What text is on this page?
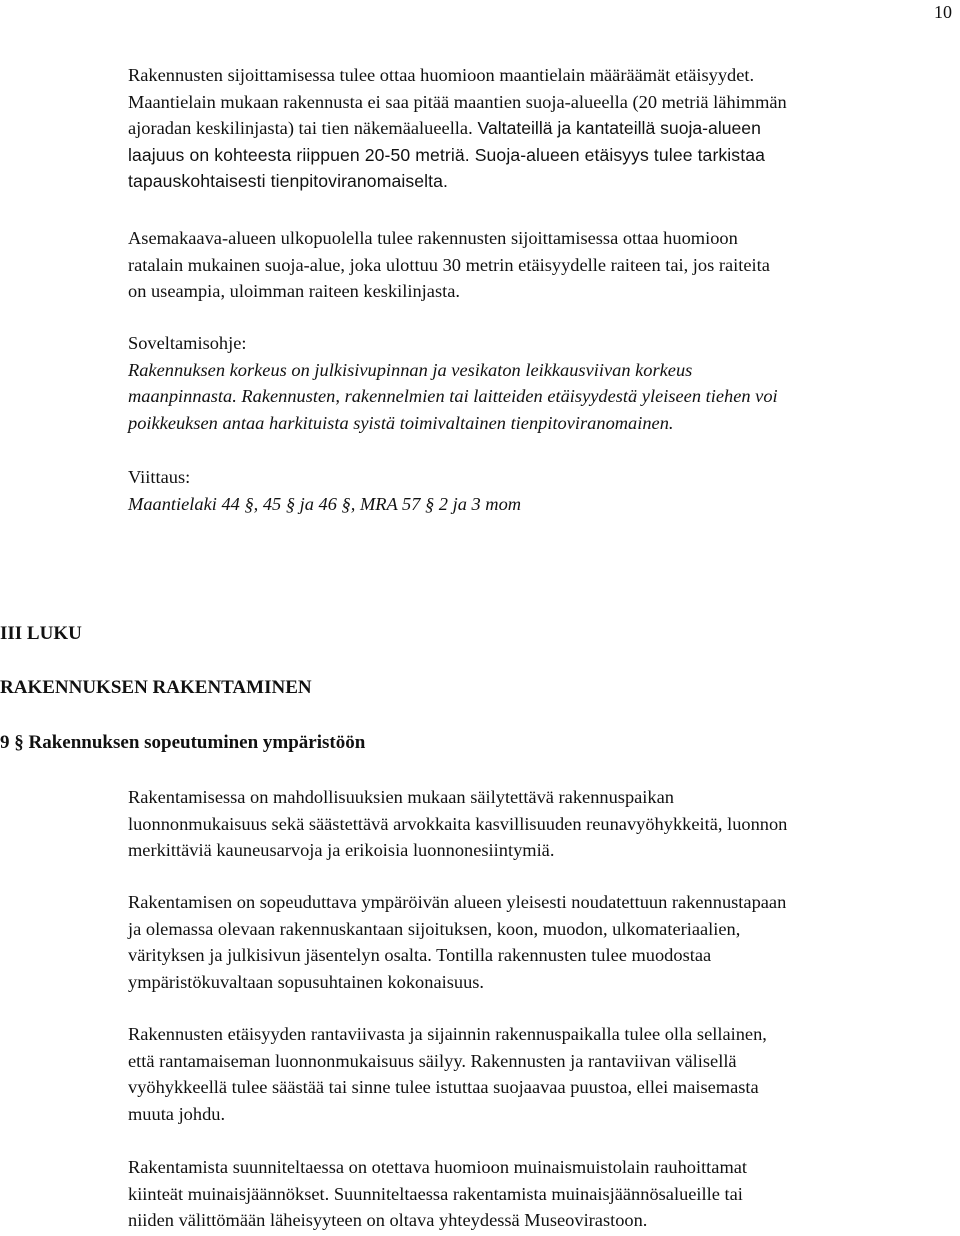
10
Rakennusten sijoittamisessa tulee ottaa huomioon maantielain määräämät etäisyydet.
Maantielain mukaan rakennusta ei saa pitää maantien suoja-alueella (20 metriä lähimmän
ajoradan keskilinjasta) tai tien näkemäalueella. Valtateillä ja kantateillä suoja-alueen
laajuus on kohteesta riippuen 20-50 metriä. Suoja-alueen etäisyys tulee tarkistaa
tapauskohtaisesti tienpitoviranomaiselta.
Asemakaava-alueen ulkopuolella tulee rakennusten sijoittamisessa ottaa huomioon
ratalain mukainen suoja-alue, joka ulottuu 30 metrin etäisyydelle raiteen tai, jos raiteita
on useampia, uloimman raiteen keskilinjasta.
Soveltamisohje:
Rakennuksen korkeus on julkisivupinnan ja vesikaton leikkausviivan korkeus
maanpinnasta. Rakennusten, rakennelmien tai laitteiden etäisyydestä yleiseen tiehen voi
poikkeuksen antaa harkituista syistä toimivaltainen tienpitoviranomainen.
Viittaus:
Maantielaki 44 §, 45 § ja 46 §, MRA 57 § 2 ja 3 mom
III LUKU
RAKENNUKSEN RAKENTAMINEN
9 § Rakennuksen sopeutuminen ympäristöön
Rakentamisessa on mahdollisuuksien mukaan säilytettävä rakennuspaikan
luonnonmukaisuus sekä säästettävä arvokkaita kasvillisuuden reunavyöhykkeitä, luonnon
merkittäviä kauneusarvoja ja erikoisia luonnonesiintymiä.
Rakentamisen on sopeuduttava ympäröivän alueen yleisesti noudatettuun rakennustapaan
ja olemassa olevaan rakennuskantaan sijoituksen, koon, muodon, ulkomateriaalien,
värityksen ja julkisivun jäsentelyn osalta. Tontilla rakennusten tulee muodostaa
ympäristökuvaltaan sopusuhtainen kokonaisuus.
Rakennusten etäisyyden rantaviivasta ja sijainnin rakennuspaikalla tulee olla sellainen,
että rantamaiseman luonnonmukaisuus säilyy. Rakennusten ja rantaviivan välisellä
vyöhykkeellä tulee säästää tai sinne tulee istuttaa suojaavaa puustoa, ellei maisemasta
muuta johdu.
Rakentamista suunniteltaessa on otettava huomioon muinaismuistolain rauhoittamat
kiinteät muinaisjäännökset. Suunniteltaessa rakentamista muinaisjäännösalueille tai
niiden välittömään läheisyyteen on oltava yhteydessä Museovirastoon.
